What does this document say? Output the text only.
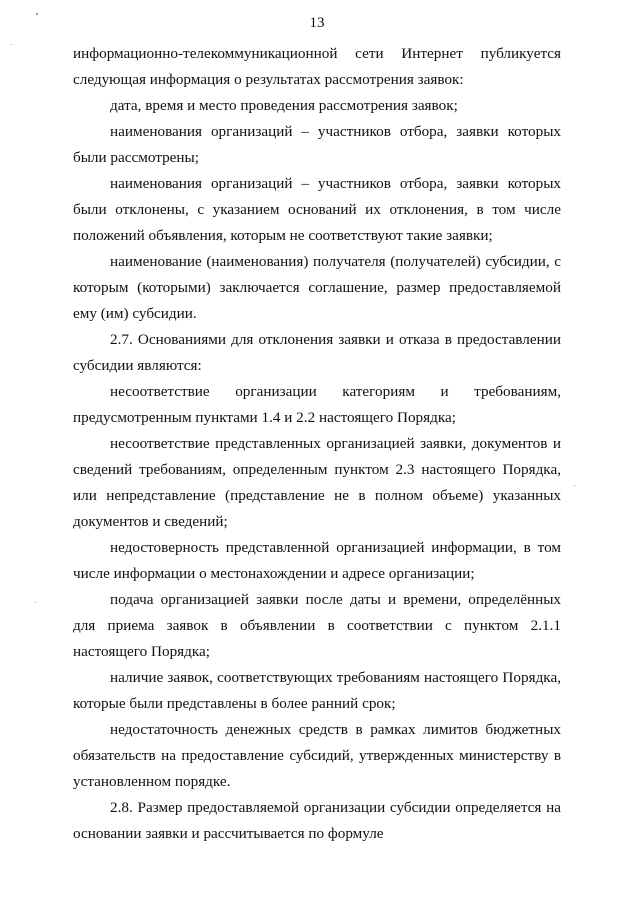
13
информационно-телекоммуникационной сети Интернет публикуется
следующая информация о результатах рассмотрения заявок:
дата, время и место проведения рассмотрения заявок;
наименования организаций – участников отбора, заявки которых
были рассмотрены;
наименования организаций – участников отбора, заявки которых
были отклонены, с указанием оснований их отклонения, в том числе
положений объявления, которым не соответствуют такие заявки;
наименование (наименования) получателя (получателей) субсидии, с
которым (которыми) заключается соглашение, размер предоставляемой
ему (им) субсидии.
2.7. Основаниями для отклонения заявки и отказа в предоставлении
субсидии являются:
несоответствие организации категориям и требованиям,
предусмотренным пунктами 1.4 и 2.2 настоящего Порядка;
несоответствие представленных организацией заявки, документов и
сведений требованиям, определенным пунктом 2.3 настоящего Порядка,
или непредставление (представление не в полном объеме) указанных
документов и сведений;
недостоверность представленной организацией информации, в том
числе информации о местонахождении и адресе организации;
подача организацией заявки после даты и времени, определённых
для приема заявок в объявлении в соответствии с пунктом 2.1.1
настоящего Порядка;
наличие заявок, соответствующих требованиям настоящего Порядка,
которые были представлены в более ранний срок;
недостаточность денежных средств в рамках лимитов бюджетных
обязательств на предоставление субсидий, утвержденных министерству в
установленном порядке.
2.8. Размер предоставляемой организации субсидии определяется на
основании заявки и рассчитывается по формуле
